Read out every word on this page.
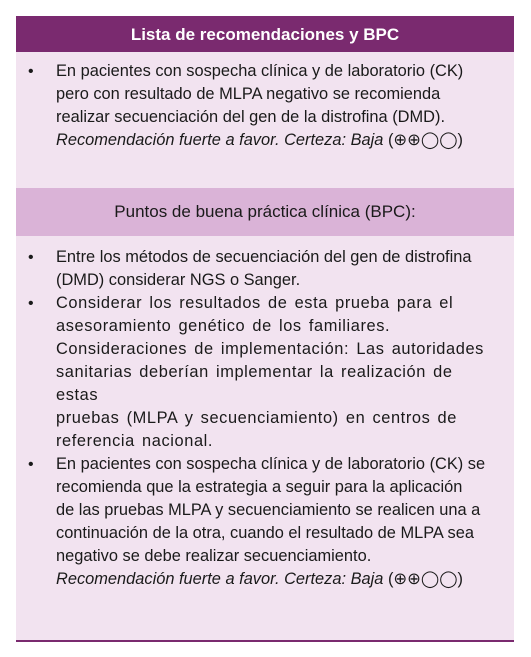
Lista de recomendaciones y BPC
•	En pacientes con sospecha clínica y de laboratorio (CK)
pero con resultado de MLPA negativo se recomienda
realizar secuenciación del gen de la distrofina (DMD).
Recomendación fuerte a favor. Certeza: Baja (⊕⊕◯◯)
Puntos de buena práctica clínica (BPC):
•	Entre los métodos de secuenciación del gen de distrofina
(DMD) considerar NGS o Sanger.
•	Considerar los resultados de esta prueba para el
asesoramiento genético de los familiares.
Consideraciones de implementación: Las autoridades
sanitarias deberían implementar la realización de estas
pruebas (MLPA y secuenciamiento) en centros de
referencia nacional.
•	En pacientes con sospecha clínica y de laboratorio (CK) se
recomienda que la estrategia a seguir para la aplicación
de las pruebas MLPA y secuenciamiento se realicen una a
continuación de la otra, cuando el resultado de MLPA sea
negativo se debe realizar secuenciamiento.
Recomendación fuerte a favor. Certeza: Baja (⊕⊕◯◯)
